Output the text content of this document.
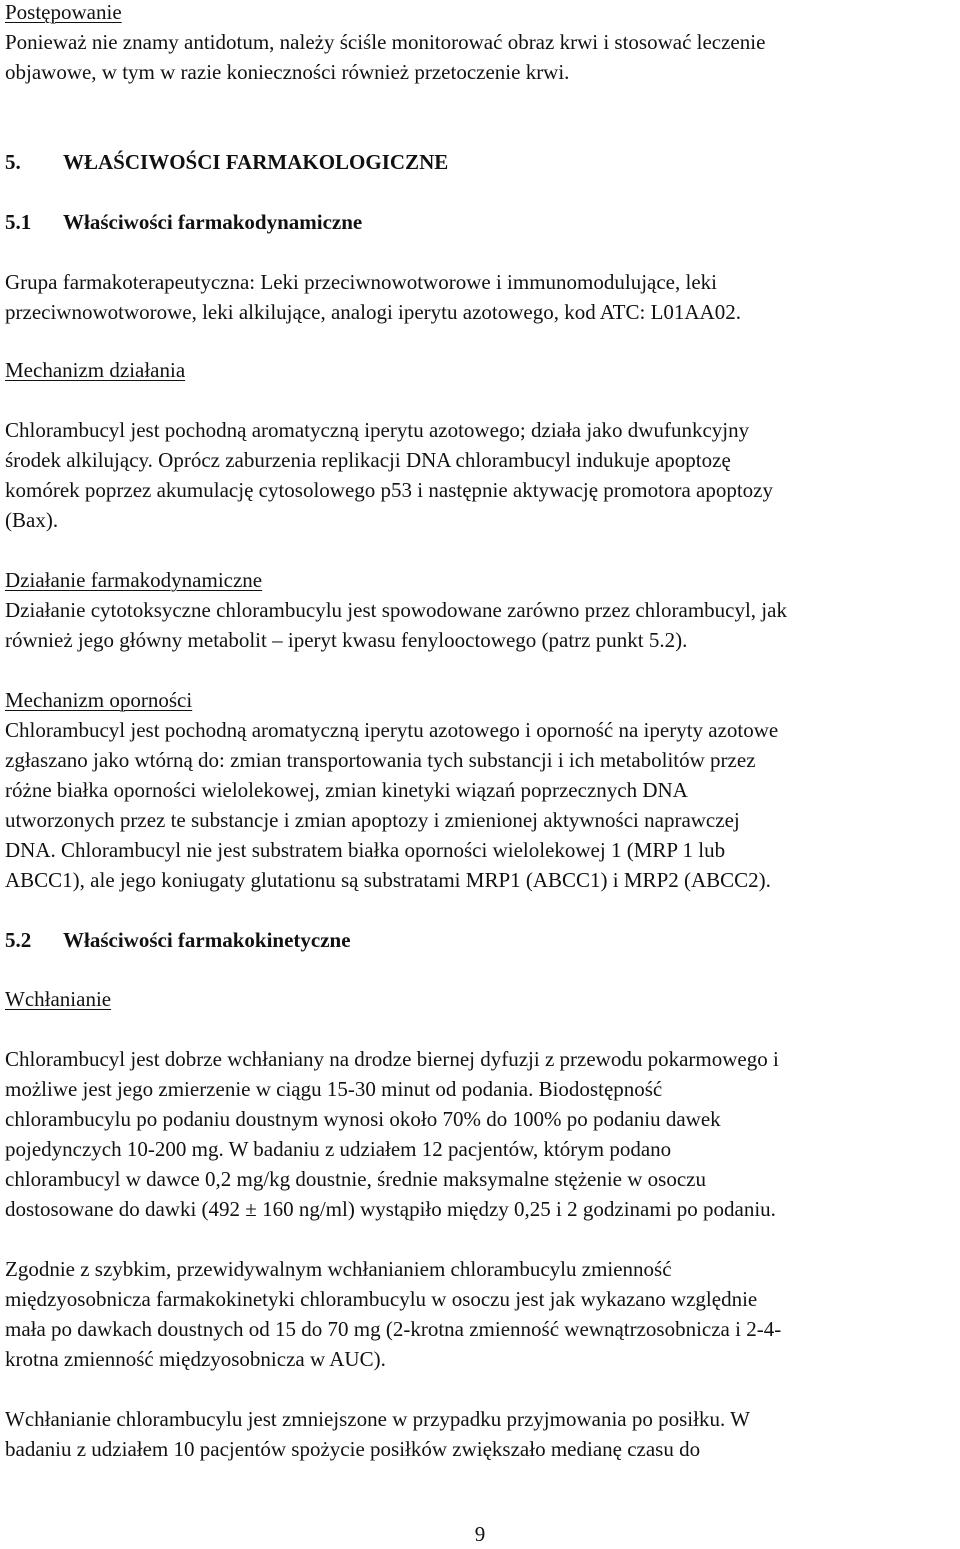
Postępowanie
Ponieważ nie znamy antidotum, należy ściśle monitorować obraz krwi i stosować leczenie
objawowe, w tym w razie konieczności również przetoczenie krwi.
5. WŁAŚCIWOŚCI FARMAKOLOGICZNE
5.1 Właściwości farmakodynamiczne
Grupa farmakoterapeutyczna: Leki przeciwnowotworowe i immunomodulujące, leki
przeciwnowotworowe, leki alkilujące, analogi iperytu azotowego, kod ATC: L01AA02.
Mechanizm działania
Chlorambucyl jest pochodną aromatyczną iperytu azotowego; działa jako dwufunkcyjny
środek alkilujący. Oprócz zaburzenia replikacji DNA chlorambucyl indukuje apoptozę
komórek poprzez akumulację cytosolowego p53 i następnie aktywację promotora apoptozy
(Bax).
Działanie farmakodynamiczne
Działanie cytotoksyczne chlorambucylu jest spowodowane zarówno przez chlorambucyl, jak
również jego główny metabolit – iperyt kwasu fenylooctowego (patrz punkt 5.2).
Mechanizm oporności
Chlorambucyl jest pochodną aromatyczną iperytu azotowego i oporność na iperyty azotowe
zgłaszano jako wtórną do: zmian transportowania tych substancji i ich metabolitów przez
różne białka oporności wielolekowej, zmian kinetyki wiązań poprzecznych DNA
utworzonych przez te substancje i zmian apoptozy i zmienionej aktywności naprawczej
DNA. Chlorambucyl nie jest substratem białka oporności wielolekowej 1 (MRP 1 lub
ABCC1), ale jego koniugaty glutationu są substratami MRP1 (ABCC1) i MRP2 (ABCC2).
5.2 Właściwości farmakokinetyczne
Wchłanianie
Chlorambucyl jest dobrze wchłaniany na drodze biernej dyfuzji z przewodu pokarmowego i
możliwe jest jego zmierzenie w ciągu 15-30 minut od podania. Biodostępność
chlorambucylu po podaniu doustnym wynosi około 70% do 100% po podaniu dawek
pojedynczych 10-200 mg. W badaniu z udziałem 12 pacjentów, którym podano
chlorambucyl w dawce 0,2 mg/kg doustnie, średnie maksymalne stężenie w osoczu
dostosowane do dawki (492 ± 160 ng/ml) wystąpiło między 0,25 i 2 godzinami po podaniu.
Zgodnie z szybkim, przewidywalnym wchłanianiem chlorambucylu zmienność
międzyosobnicza farmakokinetyki chlorambucylu w osoczu jest jak wykazano względnie
mała po dawkach doustnych od 15 do 70 mg (2-krotna zmienność wewnątrzosobnicza i 2-4-
krotna zmienność międzyosobnicza w AUC).
Wchłanianie chlorambucylu jest zmniejszone w przypadku przyjmowania po posiłku. W
badaniu z udziałem 10 pacjentów spożycie posiłków zwiększało medianę czasu do
9
